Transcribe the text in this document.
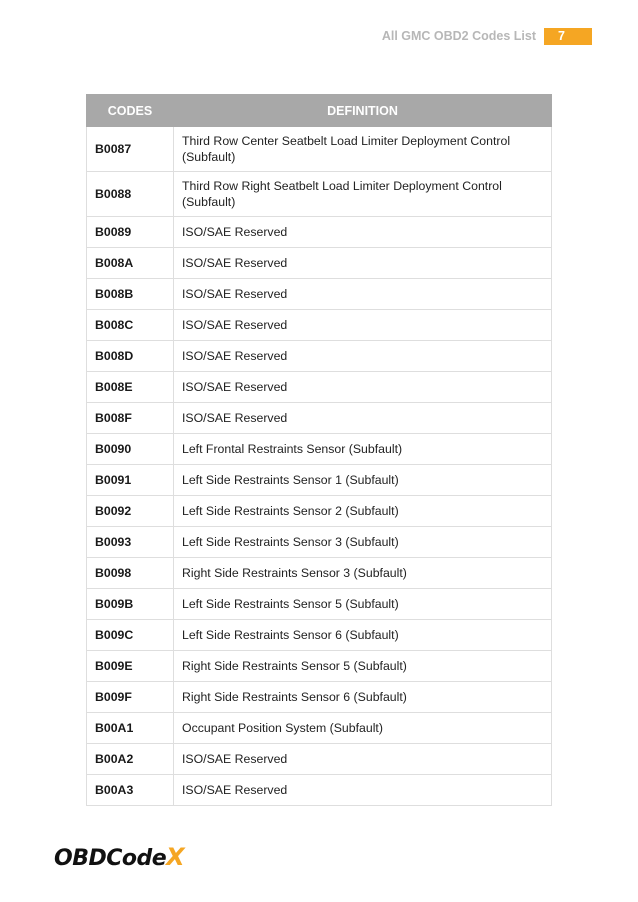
All GMC OBD2 Codes List	7
CODES	DEFINITION
B0087	Third Row Center Seatbelt Load Limiter Deployment Control (Subfault)
B0088	Third Row Right Seatbelt Load Limiter Deployment Control (Subfault)
B0089	ISO/SAE Reserved
B008A	ISO/SAE Reserved
B008B	ISO/SAE Reserved
B008C	ISO/SAE Reserved
B008D	ISO/SAE Reserved
B008E	ISO/SAE Reserved
B008F	ISO/SAE Reserved
B0090	Left Frontal Restraints Sensor (Subfault)
B0091	Left Side Restraints Sensor 1 (Subfault)
B0092	Left Side Restraints Sensor 2 (Subfault)
B0093	Left Side Restraints Sensor 3 (Subfault)
B0098	Right Side Restraints Sensor 3 (Subfault)
B009B	Left Side Restraints Sensor 5 (Subfault)
B009C	Left Side Restraints Sensor 6 (Subfault)
B009E	Right Side Restraints Sensor 5 (Subfault)
B009F	Right Side Restraints Sensor 6 (Subfault)
B00A1	Occupant Position System (Subfault)
B00A2	ISO/SAE Reserved
B00A3	ISO/SAE Reserved
OBDCode X
